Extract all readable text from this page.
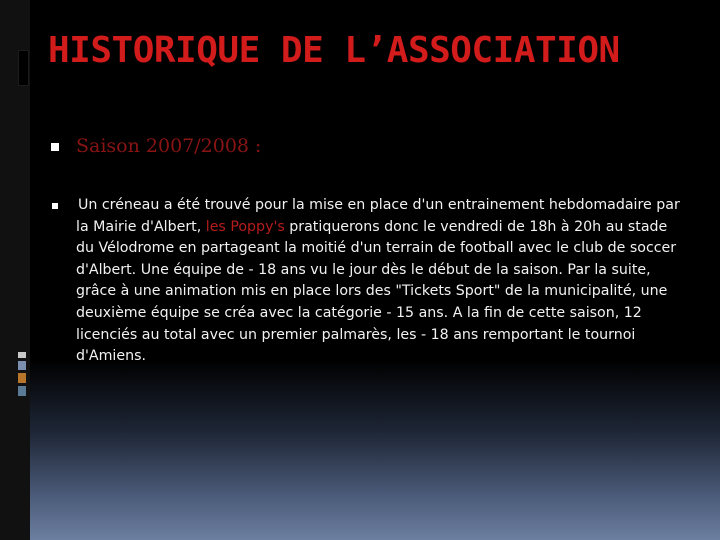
HISTORIQUE DE L’ASSOCIATION
Saison 2007/2008 :
Un créneau a été trouvé pour la mise en place d'un entrainement hebdomadaire par la Mairie d'Albert, les Poppy's pratiquerons donc le vendredi de 18h à 20h au stade du Vélodrome en partageant la moitié d'un terrain de football avec le club de soccer d'Albert. Une équipe de - 18 ans vu le jour dès le début de la saison. Par la suite, grâce à une animation mis en place lors des "Tickets Sport" de la municipalité, une deuxième équipe se créa avec la catégorie - 15 ans. A la fin de cette saison, 12 licenciés au total avec un premier palmarès, les - 18 ans remportant le tournoi d'Amiens.
